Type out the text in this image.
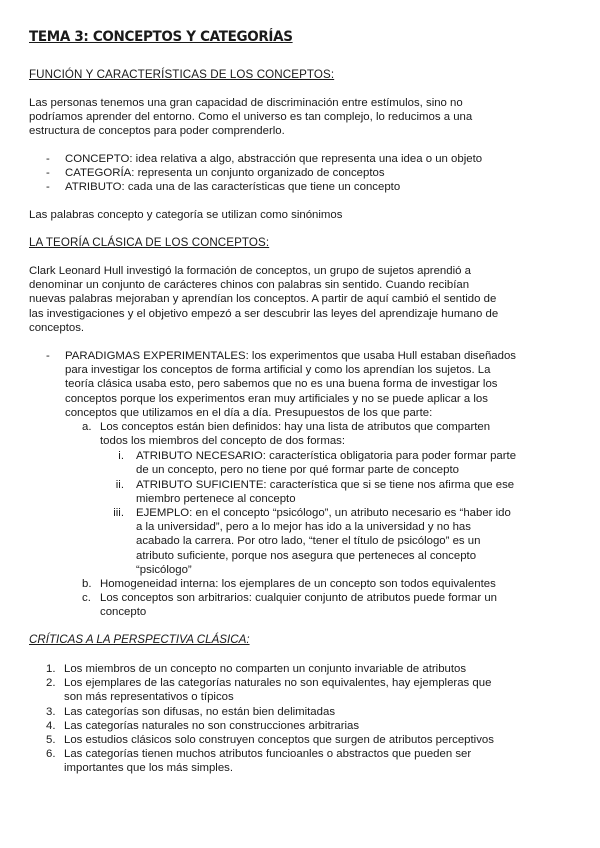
TEMA 3: CONCEPTOS Y CATEGORÍAS
FUNCIÓN Y CARACTERÍSTICAS DE LOS CONCEPTOS:
Las personas tenemos una gran capacidad de discriminación entre estímulos, sino no
podríamos aprender del entorno. Como el universo es tan complejo, lo reducimos a una
estructura de conceptos para poder comprenderlo.
- CONCEPTO: idea relativa a algo, abstracción que representa una idea o un objeto
- CATEGORÍA: representa un conjunto organizado de conceptos
- ATRIBUTO: cada una de las características que tiene un concepto
Las palabras concepto y categoría se utilizan como sinónimos
LA TEORÍA CLÁSICA DE LOS CONCEPTOS:
Clark Leonard Hull investigó la formación de conceptos, un grupo de sujetos aprendió a
denominar un conjunto de carácteres chinos con palabras sin sentido. Cuando recibían
nuevas palabras mejoraban y aprendían los conceptos. A partir de aquí cambió el sentido de
las investigaciones y el objetivo empezó a ser descubrir las leyes del aprendizaje humano de
conceptos.
- PARADIGMAS EXPERIMENTALES: los experimentos que usaba Hull estaban diseñados
para investigar los conceptos de forma artificial y como los aprendían los sujetos. La
teoría clásica usaba esto, pero sabemos que no es una buena forma de investigar los
conceptos porque los experimentos eran muy artificiales y no se puede aplicar a los
conceptos que utilizamos en el día a día. Presupuestos de los que parte:
a. Los conceptos están bien definidos: hay una lista de atributos que comparten
todos los miembros del concepto de dos formas:
i. ATRIBUTO NECESARIO: característica obligatoria para poder formar parte
de un concepto, pero no tiene por qué formar parte de concepto
ii. ATRIBUTO SUFICIENTE: característica que si se tiene nos afirma que ese
miembro pertenece al concepto
iii. EJEMPLO: en el concepto “psicólogo”, un atributo necesario es “haber ido
a la universidad”, pero a lo mejor has ido a la universidad y no has
acabado la carrera. Por otro lado, “tener el título de psicólogo” es un
atributo suficiente, porque nos asegura que perteneces al concepto
“psicólogo”
b. Homogeneidad interna: los ejemplares de un concepto son todos equivalentes
c. Los conceptos son arbitrarios: cualquier conjunto de atributos puede formar un
concepto
CRÍTICAS A LA PERSPECTIVA CLÁSICA:
1. Los miembros de un concepto no comparten un conjunto invariable de atributos
2. Los ejemplares de las categorías naturales no son equivalentes, hay ejempleras que
son más representativos o típicos
3. Las categorías son difusas, no están bien delimitadas
4. Las categorías naturales no son construcciones arbitrarias
5. Los estudios clásicos solo construyen conceptos que surgen de atributos perceptivos
6. Las categorías tienen muchos atributos funcioanles o abstractos que pueden ser
importantes que los más simples.
